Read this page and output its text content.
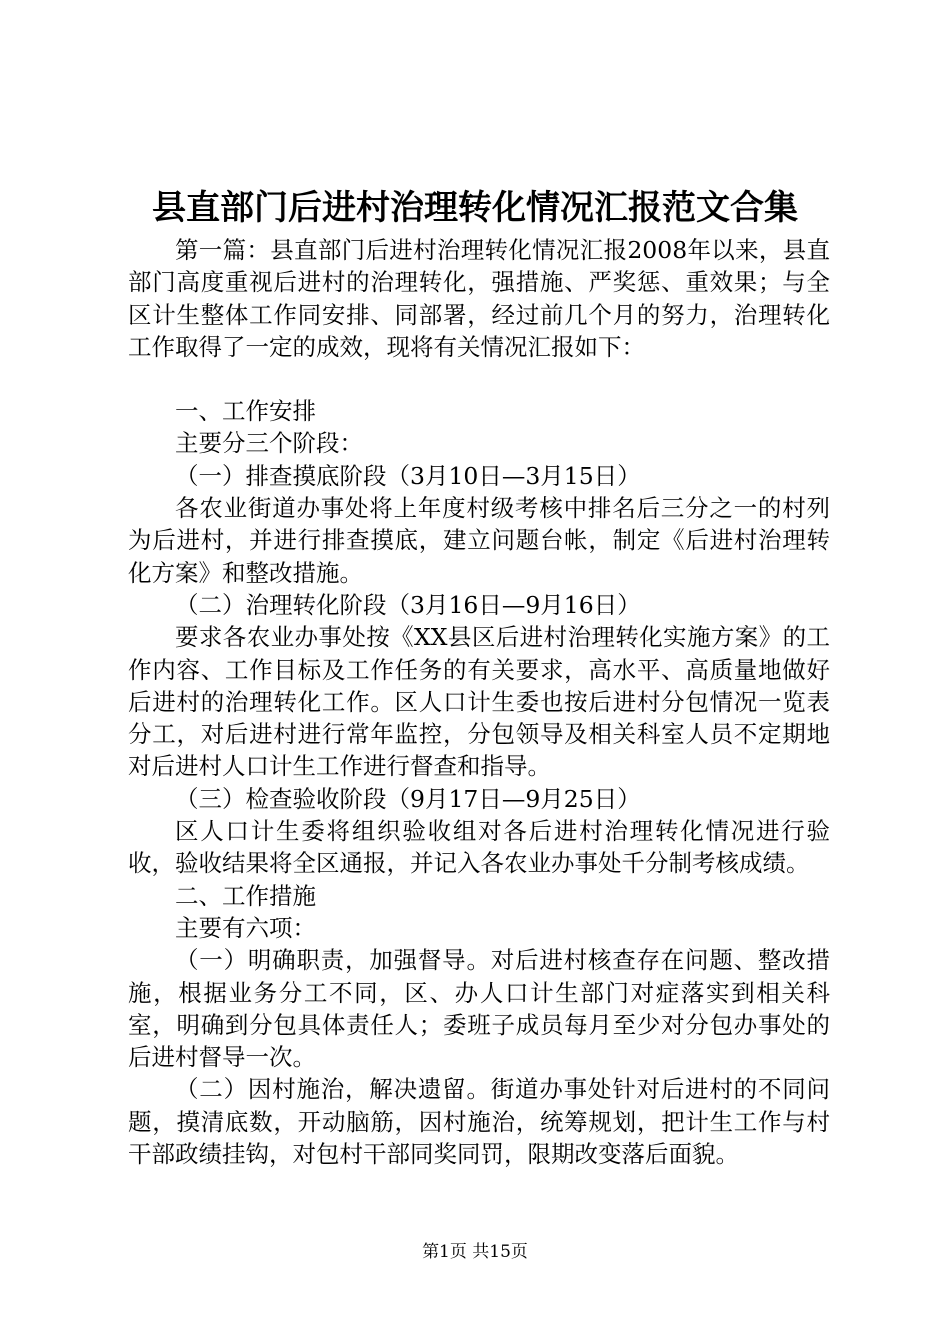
县直部门后进村治理转化情况汇报范文合集

第一篇：县直部门后进村治理转化情况汇报2008年以来，县直部门高度重视后进村的治理转化，强措施、严奖惩、重效果；与全区计生整体工作同安排、同部署，经过前几个月的努力，治理转化工作取得了一定的成效，现将有关情况汇报如下：

一、工作安排

主要分三个阶段：

（一）排查摸底阶段（3月10日—3月15日）

各农业街道办事处将上年度村级考核中排名后三分之一的村列为后进村，并进行排查摸底，建立问题台帐，制定《后进村治理转化方案》和整改措施。

（二）治理转化阶段（3月16日—9月16日）

要求各农业办事处按《XX县区后进村治理转化实施方案》的工作内容、工作目标及工作任务的有关要求，高水平、高质量地做好后进村的治理转化工作。区人口计生委也按后进村分包情况一览表分工，对后进村进行常年监控，分包领导及相关科室人员不定期地对后进村人口计生工作进行督查和指导。

（三）检查验收阶段（9月17日—9月25日）

区人口计生委将组织验收组对各后进村治理转化情况进行验收，验收结果将全区通报，并记入各农业办事处千分制考核成绩。

二、工作措施

主要有六项：

（一）明确职责，加强督导。对后进村核查存在问题、整改措施，根据业务分工不同，区、办人口计生部门对症落实到相关科室，明确到分包具体责任人；委班子成员每月至少对分包办事处的后进村督导一次。

（二）因村施治，解决遗留。街道办事处针对后进村的不同问题，摸清底数，开动脑筋，因村施治，统筹规划，把计生工作与村干部政绩挂钩，对包村干部同奖同罚，限期改变落后面貌。

第1页 共15页
